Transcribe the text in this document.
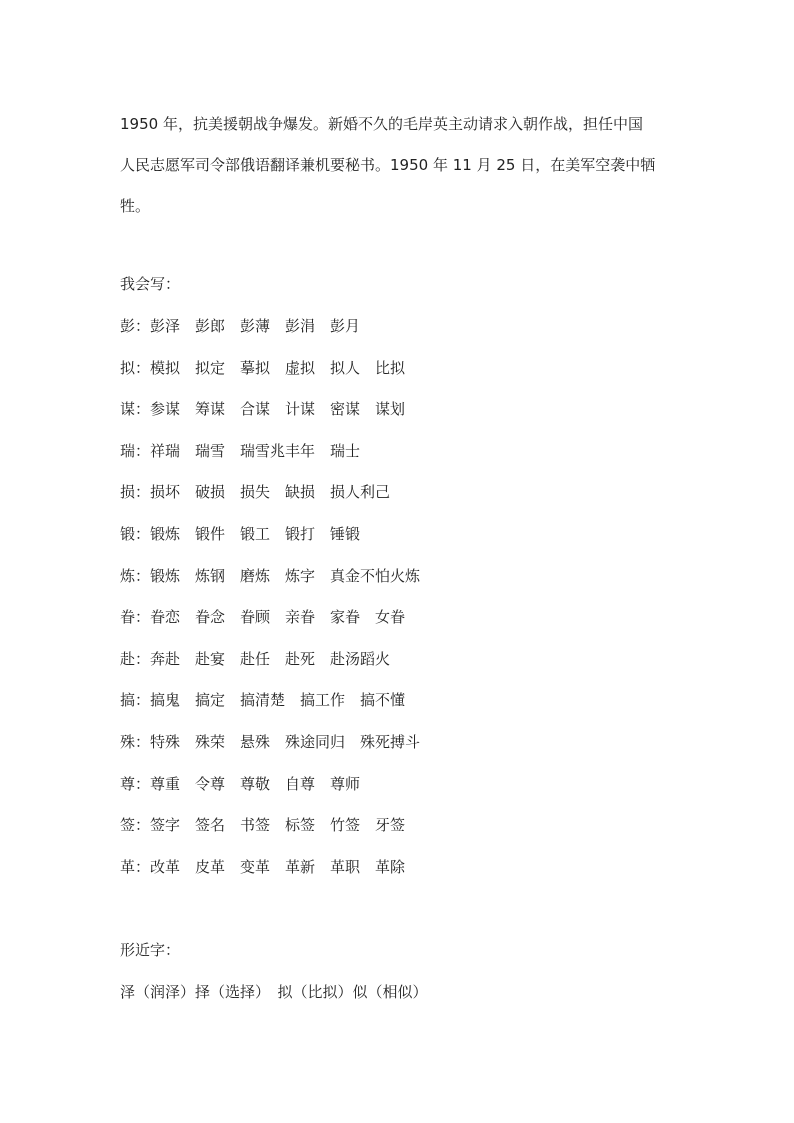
1950 年，抗美援朝战争爆发。新婚不久的毛岸英主动请求入朝作战，担任中国

人民志愿军司令部俄语翻译兼机要秘书。1950 年 11 月 25 日，在美军空袭中牺

牲。

我会写：
彭：彭泽　彭郎　彭薄　彭涓　彭月
拟：模拟　拟定　摹拟　虚拟　拟人　比拟
谋：参谋　筹谋　合谋　计谋　密谋　谋划
瑞：祥瑞　瑞雪　瑞雪兆丰年　瑞士
损：损坏　破损　损失　缺损　损人利己
锻：锻炼　锻件　锻工　锻打　锤锻
炼：锻炼　炼钢　磨炼　炼字　真金不怕火炼
眷：眷恋　眷念　眷顾　亲眷　家眷　女眷
赴：奔赴　赴宴　赴任　赴死　赴汤蹈火
搞：搞鬼　搞定　搞清楚　搞工作　搞不懂
殊：特殊　殊荣　悬殊　殊途同归　殊死搏斗
尊：尊重　令尊　尊敬　自尊　尊师
签：签字　签名　书签　标签　竹签　牙签
革：改革　皮革　变革　革新　革职　革除
形近字：
泽（润泽）择（选择）　拟（比拟）似（相似）
